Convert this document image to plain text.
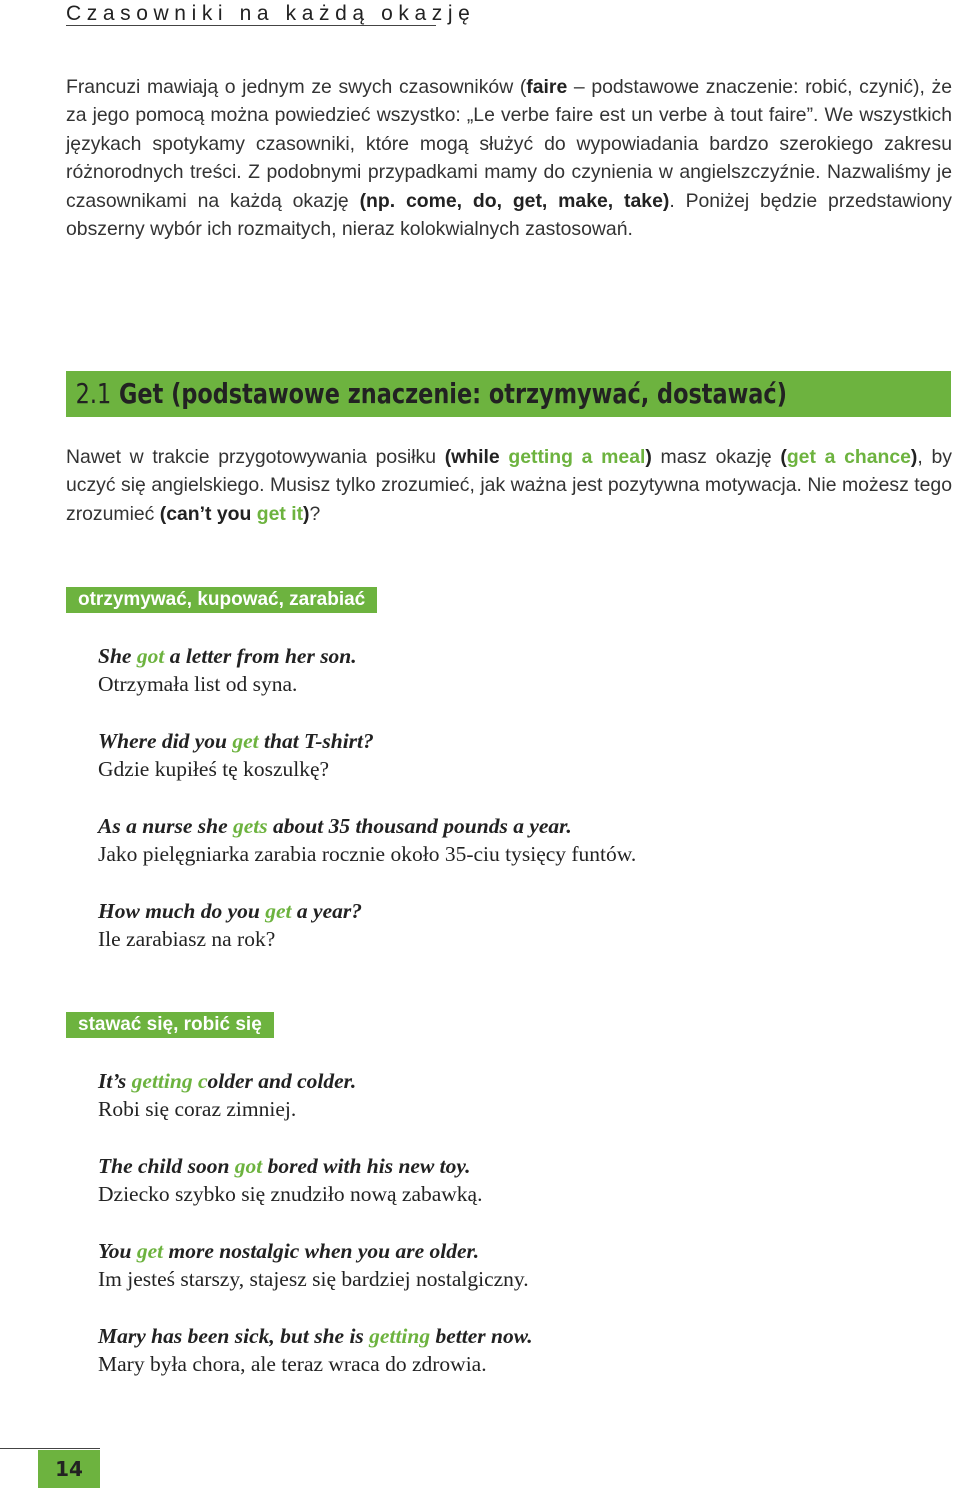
Czasowniki na każdą okazję

Francuzi mawiają o jednym ze swych czasowników (faire – podstawowe znaczenie: robić, czynić), że za jego pomocą można powiedzieć wszystko: „Le verbe faire est un verbe à tout faire”. We wszystkich językach spotykamy czasowniki, które mogą służyć do wypowiadania bardzo szerokiego zakresu różnorodnych treści. Z podobnymi przypadkami mamy do czynienia w angielszczyźnie. Nazwaliśmy je czasownikami na każdą okazję (np. come, do, get, make, take). Poniżej będzie przedstawiony obszerny wybór ich rozmaitych, nieraz kolokwialnych zastosowań.

2.1 Get (podstawowe znaczenie: otrzymywać, dostawać)

Nawet w trakcie przygotowywania posiłku (while getting a meal) masz okazję (get a chance), by uczyć się angielskiego. Musisz tylko zrozumieć, jak ważna jest pozytywna motywacja. Nie możesz tego zrozumieć (can’t you get it)?

otrzymywać, kupować, zarabiać
She got a letter from her son.
Otrzymała list od syna.
Where did you get that T-shirt?
Gdzie kupiłeś tę koszulkę?
As a nurse she gets about 35 thousand pounds a year.
Jako pielęgniarka zarabia rocznie około 35-ciu tysięcy funtów.
How much do you get a year?
Ile zarabiasz na rok?
stawać się, robić się
It’s getting colder and colder.
Robi się coraz zimniej.
The child soon got bored with his new toy.
Dziecko szybko się znudziło nową zabawką.
You get more nostalgic when you are older.
Im jesteś starszy, stajesz się bardziej nostalgiczny.
Mary has been sick, but she is getting better now.
Mary była chora, ale teraz wraca do zdrowia.
14
